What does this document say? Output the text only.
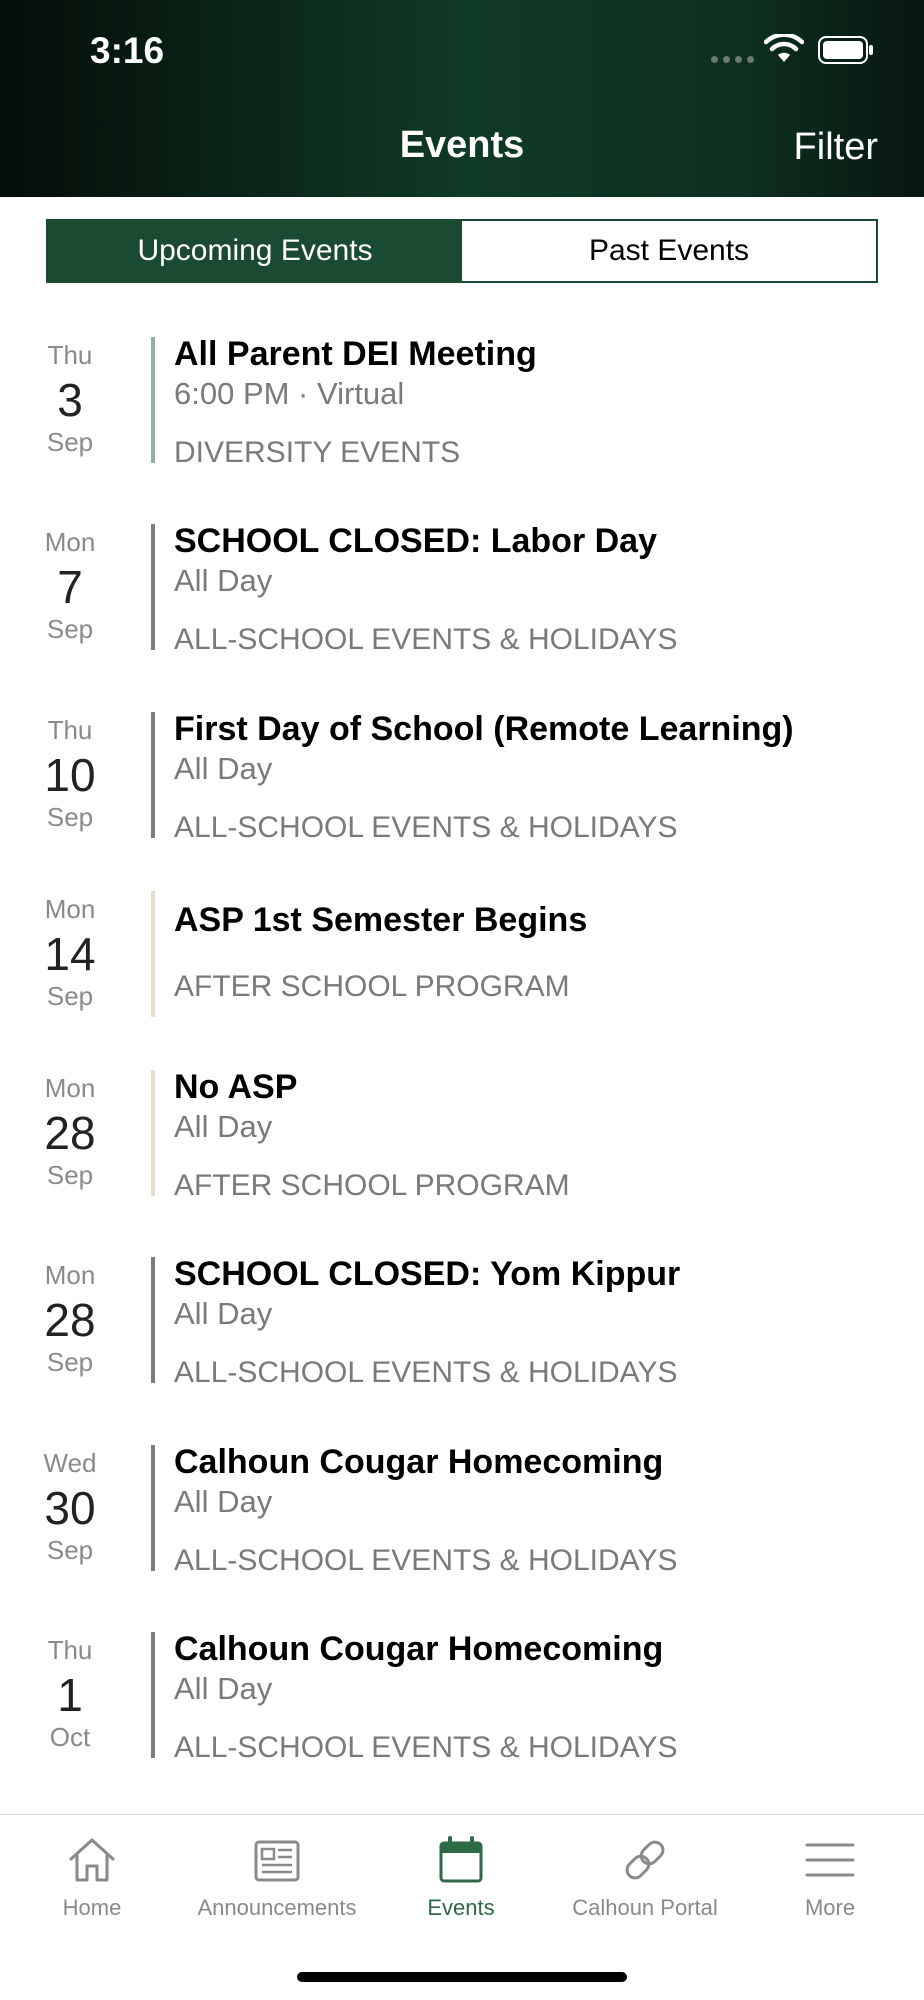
3:16
Events	Filter
Upcoming Events	Past Events
Thu
3
Sep
All Parent DEI Meeting
6:00 PM · Virtual
DIVERSITY EVENTS
Mon
7
Sep
SCHOOL CLOSED: Labor Day
All Day
ALL-SCHOOL EVENTS & HOLIDAYS
Thu
10
Sep
First Day of School (Remote Learning)
All Day
ALL-SCHOOL EVENTS & HOLIDAYS
Mon
14
Sep
ASP 1st Semester Begins
AFTER SCHOOL PROGRAM
Mon
28
Sep
No ASP
All Day
AFTER SCHOOL PROGRAM
Mon
28
Sep
SCHOOL CLOSED: Yom Kippur
All Day
ALL-SCHOOL EVENTS & HOLIDAYS
Wed
30
Sep
Calhoun Cougar Homecoming
All Day
ALL-SCHOOL EVENTS & HOLIDAYS
Thu
1
Oct
Calhoun Cougar Homecoming
All Day
ALL-SCHOOL EVENTS & HOLIDAYS
Home	Announcements	Events	Calhoun Portal	More
